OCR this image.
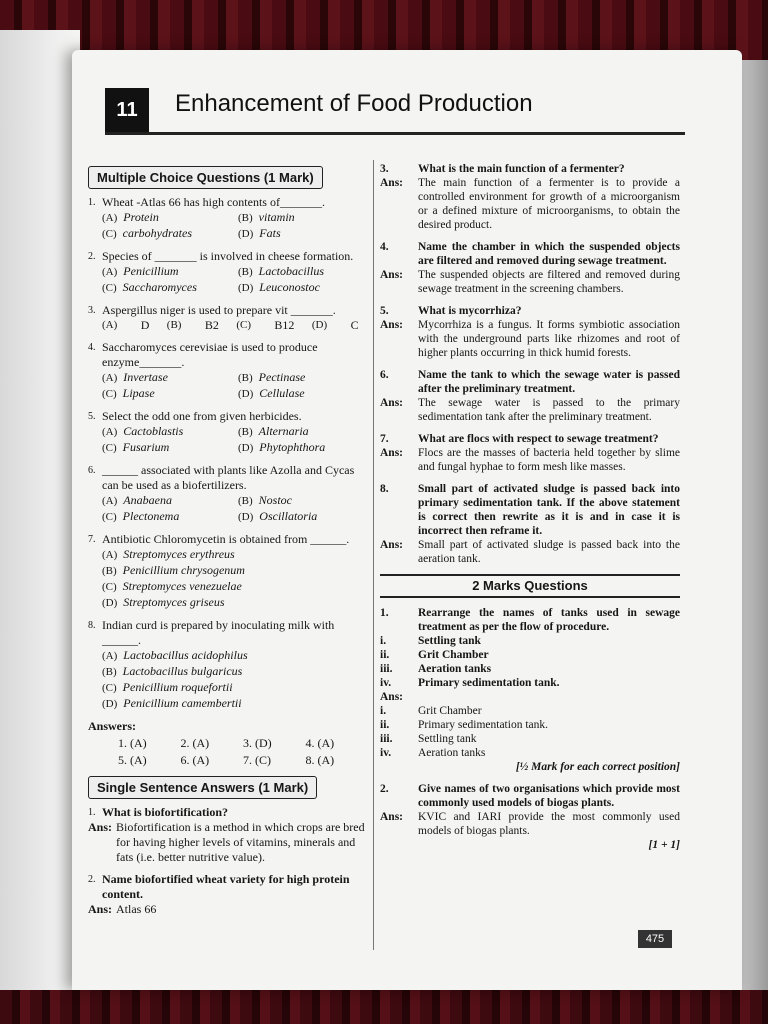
11	Enhancement of Food Production
Multiple Choice Questions (1 Mark)
1. Wheat -Atlas 66 has high contents of_______.
(A) Protein	(B) vitamin
(C) carbohydrates	(D) Fats
2. Species of _______ is involved in cheese formation.
(A) Penicillium	(B) Lactobacillus
(C) Saccharomyces	(D) Leuconostoc
3. Aspergillus niger is used to prepare vit _______.
(A)	D	(B)	B2	(C)	B12	(D)	C
4. Saccharomyces cerevisiae is used to produce enzyme_______.
(A) Invertase	(B) Pectinase
(C) Lipase	(D) Cellulase
5. Select the odd one from given herbicides.
(A) Cactoblastis	(B) Alternaria
(C) Fusarium	(D) Phytophthora
6. ______ associated with plants like Azolla and Cycas can be used as a biofertilizers.
(A) Anabaena	(B) Nostoc
(C) Plectonema	(D) Oscillatoria
7. Antibiotic Chloromycetin is obtained from ______.
(A) Streptomyces erythreus
(B) Penicillium chrysogenum
(C) Streptomyces venezuelae
(D) Streptomyces griseus
8. Indian curd is prepared by inoculating milk with ______.
(A) Lactobacillus acidophilus
(B) Lactobacillus bulgaricus
(C) Penicillium roquefortii
(D) Penicillium camembertii
Answers:
1. (A)	2. (A)	3. (D)	4. (A)
5. (A)	6. (A)	7. (C)	8. (A)
Single Sentence Answers (1 Mark)
1. What is biofortification?
Ans: Biofortification is a method in which crops are bred for having higher levels of vitamins, minerals and fats (i.e. better nutritive value).
2. Name biofortified wheat variety for high protein content.
Ans: Atlas 66
3.	What is the main function of a fermenter?
Ans:	The main function of a fermenter is to provide a controlled environment for growth of a microorganism or a defined mixture of microorganisms, to obtain the desired product.
4.	Name the chamber in which the suspended objects are filtered and removed during sewage treatment.
Ans:	The suspended objects are filtered and removed during sewage treatment in the screening chambers.
5.	What is mycorrhiza?
Ans:	Mycorrhiza is a fungus. It forms symbiotic association with the underground parts like rhizomes and root of higher plants occurring in thick humid forests.
6.	Name the tank to which the sewage water is passed after the preliminary treatment.
Ans:	The sewage water is passed to the primary sedimentation tank after the preliminary treatment.
7.	What are flocs with respect to sewage treatment?
Ans:	Flocs are the masses of bacteria held together by slime and fungal hyphae to form mesh like masses.
8.	Small part of activated sludge is passed back into primary sedimentation tank. If the above statement is correct then rewrite as it is and in case it is incorrect then reframe it.
Ans:	Small part of activated sludge is passed back into the aeration tank.
2 Marks Questions
1.	Rearrange the names of tanks used in sewage treatment as per the flow of procedure.
i.	Settling tank
ii.	Grit Chamber
iii.	Aeration tanks
iv.	Primary sedimentation tank.
Ans:
i.	Grit Chamber
ii.	Primary sedimentation tank.
iii.	Settling tank
iv.	Aeration tanks
[½ Mark for each correct position]
2.	Give names of two organisations which provide most commonly used models of biogas plants.
Ans:	KVIC and IARI provide the most commonly used models of biogas plants.
[1 + 1]
475
